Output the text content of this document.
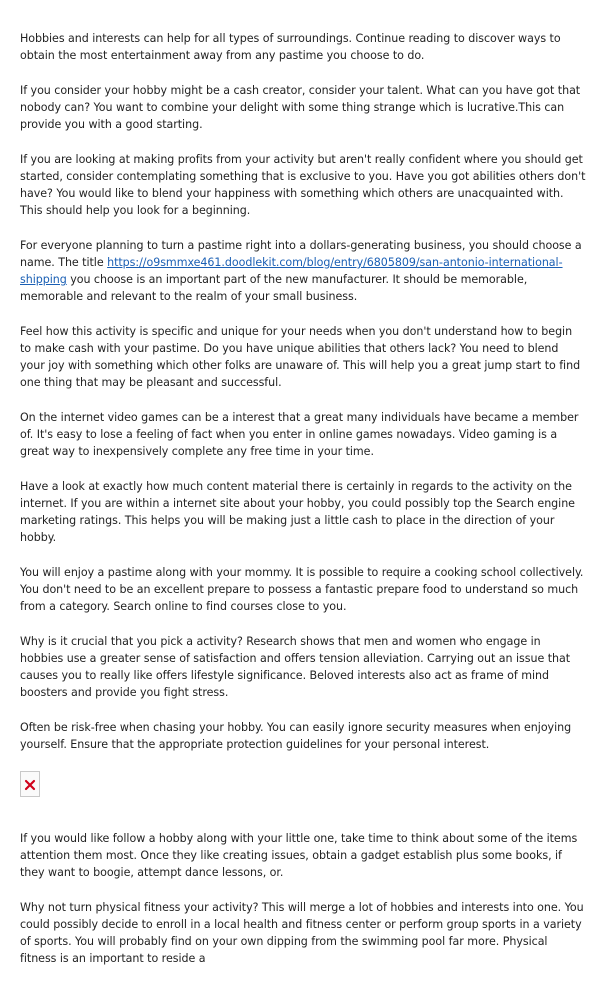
Hobbies and interests can help for all types of surroundings. Continue reading to discover ways to obtain the most entertainment away from any pastime you choose to do.

If you consider your hobby might be a cash creator, consider your talent. What can you have got that nobody can? You want to combine your delight with some thing strange which is lucrative.This can provide you with a good starting.

If you are looking at making profits from your activity but aren't really confident where you should get started, consider contemplating something that is exclusive to you. Have you got abilities others don't have? You would like to blend your happiness with something which others are unacquainted with. This should help you look for a beginning.

For everyone planning to turn a pastime right into a dollars-generating business, you should choose a name. The title https://o9smmxe461.doodlekit.com/blog/entry/6805809/san-antonio-international-shipping you choose is an important part of the new manufacturer. It should be memorable, memorable and relevant to the realm of your small business.

Feel how this activity is specific and unique for your needs when you don't understand how to begin to make cash with your pastime. Do you have unique abilities that others lack? You need to blend your joy with something which other folks are unaware of. This will help you a great jump start to find one thing that may be pleasant and successful.

On the internet video games can be a interest that a great many individuals have became a member of. It's easy to lose a feeling of fact when you enter in online games nowadays. Video gaming is a great way to inexpensively complete any free time in your time.

Have a look at exactly how much content material there is certainly in regards to the activity on the internet. If you are within a internet site about your hobby, you could possibly top the Search engine marketing ratings. This helps you will be making just a little cash to place in the direction of your hobby.

You will enjoy a pastime along with your mommy. It is possible to require a cooking school collectively. You don't need to be an excellent prepare to possess a fantastic prepare food to understand so much from a category. Search online to find courses close to you.

Why is it crucial that you pick a activity? Research shows that men and women who engage in hobbies use a greater sense of satisfaction and offers tension alleviation. Carrying out an issue that causes you to really like offers lifestyle significance. Beloved interests also act as frame of mind boosters and provide you fight stress.

Often be risk-free when chasing your hobby. You can easily ignore security measures when enjoying yourself. Ensure that the appropriate protection guidelines for your personal interest.

If you would like follow a hobby along with your little one, take time to think about some of the items attention them most. Once they like creating issues, obtain a gadget establish plus some books, if they want to boogie, attempt dance lessons, or.

Why not turn physical fitness your activity? This will merge a lot of hobbies and interests into one. You could possibly decide to enroll in a local health and fitness center or perform group sports in a variety of sports. You will probably find on your own dipping from the swimming pool far more. Physical fitness is an important to reside a
